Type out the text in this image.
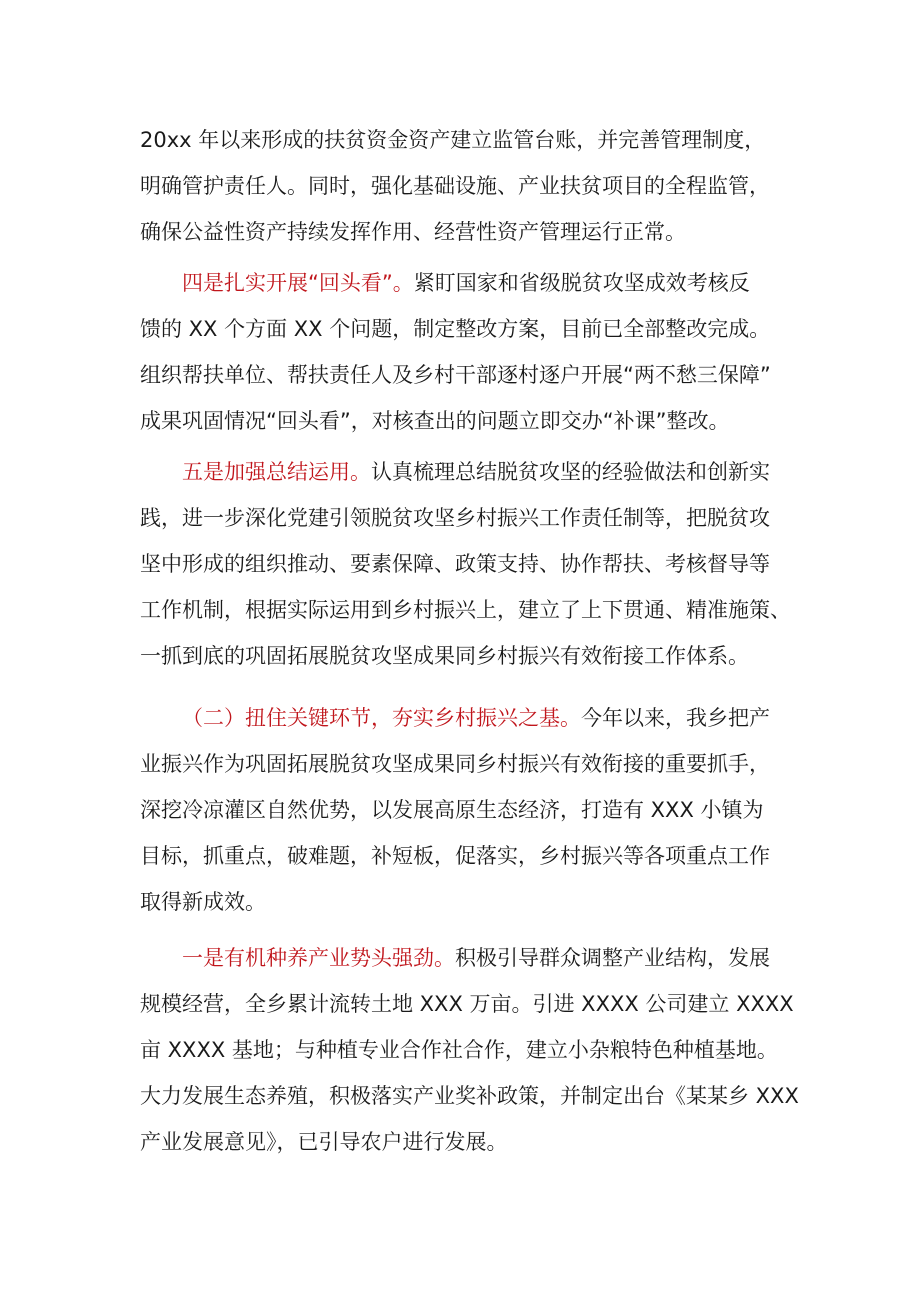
20xx 年以来形成的扶贫资金资产建立监管台账，并完善管理制度，
明确管护责任人。同时，强化基础设施、产业扶贫项目的全程监管，
确保公益性资产持续发挥作用、经营性资产管理运行正常。
四是扎实开展“回头看”。紧盯国家和省级脱贫攻坚成效考核反
馈的 XX 个方面 XX 个问题，制定整改方案，目前已全部整改完成。
组织帮扶单位、帮扶责任人及乡村干部逐村逐户开展“两不愁三保障”
成果巩固情况“回头看”，对核查出的问题立即交办“补课”整改。
五是加强总结运用。认真梳理总结脱贫攻坚的经验做法和创新实
践，进一步深化党建引领脱贫攻坚乡村振兴工作责任制等，把脱贫攻
坚中形成的组织推动、要素保障、政策支持、协作帮扶、考核督导等
工作机制，根据实际运用到乡村振兴上，建立了上下贯通、精准施策、
一抓到底的巩固拓展脱贫攻坚成果同乡村振兴有效衔接工作体系。
（二）扭住关键环节，夯实乡村振兴之基。今年以来，我乡把产
业振兴作为巩固拓展脱贫攻坚成果同乡村振兴有效衔接的重要抓手，
深挖冷凉灌区自然优势，以发展高原生态经济，打造有 XXX 小镇为
目标，抓重点，破难题，补短板，促落实，乡村振兴等各项重点工作
取得新成效。
一是有机种养产业势头强劲。积极引导群众调整产业结构，发展
规模经营，全乡累计流转土地 XXX 万亩。引进 XXXX 公司建立 XXXX
亩 XXXX 基地；与种植专业合作社合作，建立小杂粮特色种植基地。
大力发展生态养殖，积极落实产业奖补政策，并制定出台《某某乡 XXX
产业发展意见》，已引导农户进行发展。
